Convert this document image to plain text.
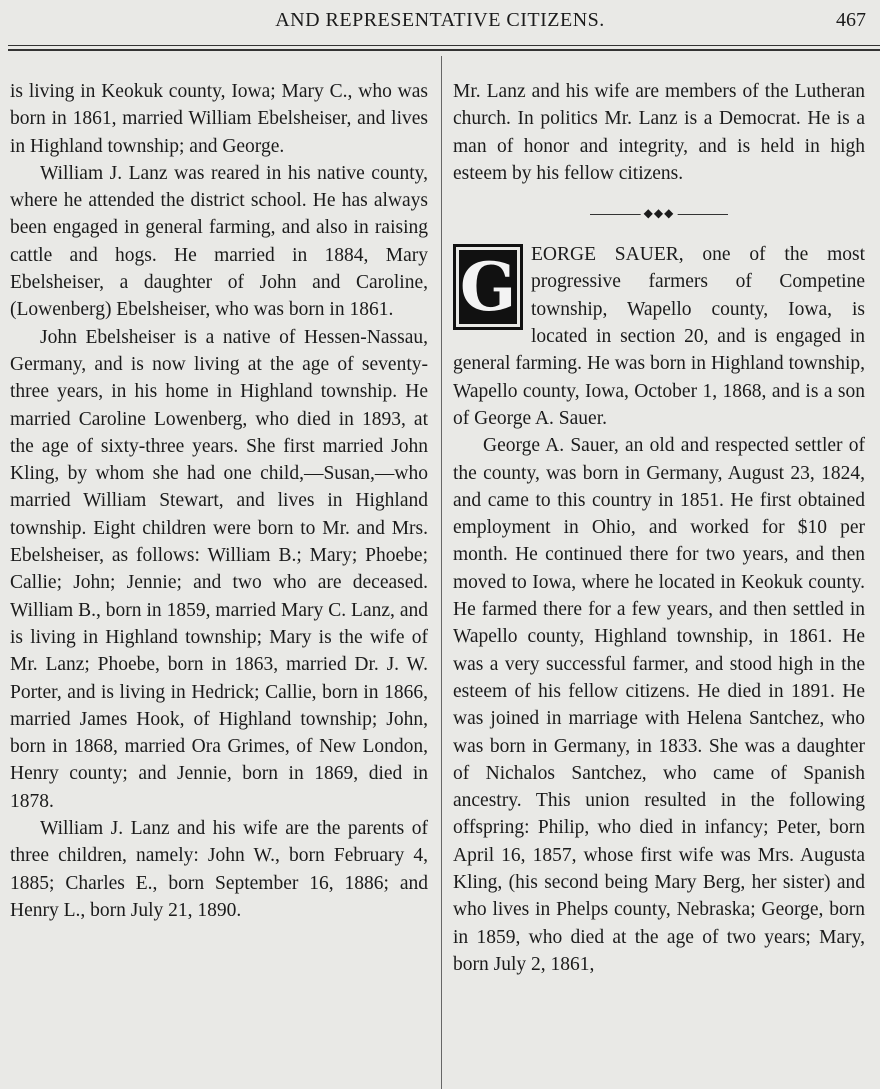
AND REPRESENTATIVE CITIZENS.	467

is living in Keokuk county, Iowa; Mary C., who was born in 1861, married William Ebelsheiser, and lives in Highland township; and George.

William J. Lanz was reared in his native county, where he attended the district school. He has always been engaged in general farming, and also in raising cattle and hogs. He married in 1884, Mary Ebelsheiser, a daughter of John and Caroline, (Lowenberg) Ebelsheiser, who was born in 1861.

John Ebelsheiser is a native of Hessen-Nassau, Germany, and is now living at the age of seventy-three years, in his home in Highland township. He married Caroline Lowenberg, who died in 1893, at the age of sixty-three years. She first married John Kling, by whom she had one child,—Susan,—who married William Stewart, and lives in Highland township. Eight children were born to Mr. and Mrs. Ebelsheiser, as follows: William B.; Mary; Phoebe; Callie; John; Jennie; and two who are deceased. William B., born in 1859, married Mary C. Lanz, and is living in Highland township; Mary is the wife of Mr. Lanz; Phoebe, born in 1863, married Dr. J. W. Porter, and is living in Hedrick; Callie, born in 1866, married James Hook, of Highland township; John, born in 1868, married Ora Grimes, of New London, Henry county; and Jennie, born in 1869, died in 1878.

William J. Lanz and his wife are the parents of three children, namely: John W., born February 4, 1885; Charles E., born September 16, 1886; and Henry L., born July 21, 1890.

Mr. Lanz and his wife are members of the Lutheran church. In politics Mr. Lanz is a Democrat. He is a man of honor and integrity, and is held in high esteem by his fellow citizens.

◆◆◆
G EORGE SAUER, one of the most progressive farmers of Competine township, Wapello county, Iowa, is located in section 20, and is engaged in general farming. He was born in Highland township, Wapello county, Iowa, October 1, 1868, and is a son of George A. Sauer.

George A. Sauer, an old and respected settler of the county, was born in Germany, August 23, 1824, and came to this country in 1851. He first obtained employment in Ohio, and worked for $10 per month. He continued there for two years, and then moved to Iowa, where he located in Keokuk county. He farmed there for a few years, and then settled in Wapello county, Highland township, in 1861. He was a very successful farmer, and stood high in the esteem of his fellow citizens. He died in 1891. He was joined in marriage with Helena Santchez, who was born in Germany, in 1833. She was a daughter of Nichalos Santchez, who came of Spanish ancestry. This union resulted in the following offspring: Philip, who died in infancy; Peter, born April 16, 1857, whose first wife was Mrs. Augusta Kling, (his second being Mary Berg, her sister) and who lives in Phelps county, Nebraska; George, born in 1859, who died at the age of two years; Mary, born July 2, 1861,
